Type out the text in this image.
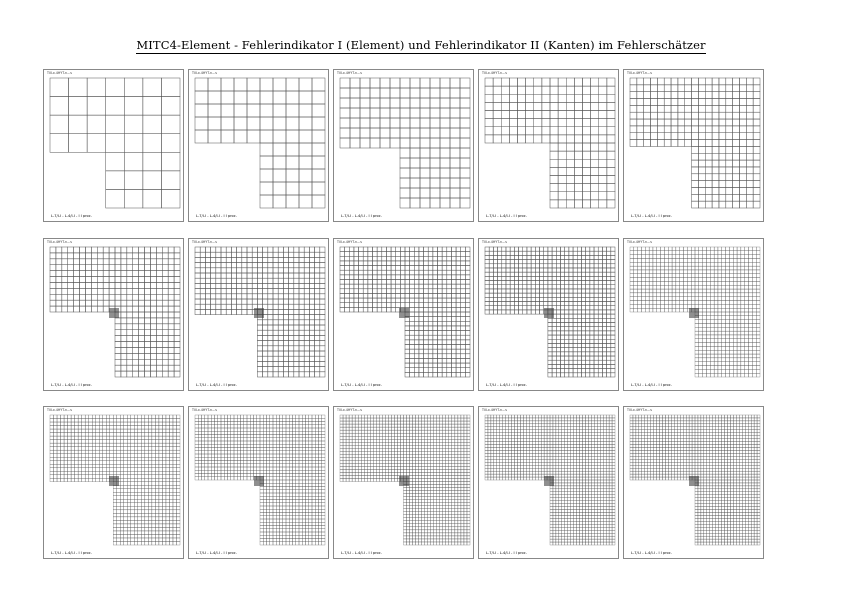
MITC4-Element - Fehlerindikator I (Element) und Fehlerindikator II (Kanten) im Fehlerschätzer
TIII-x.4HYT-n.-.s
L-7/I-I - L-4/I-I - I I proc.
TIII-x.4HYT-n.-.s
L-7/I-I - L-4/I-I - I I proc.
TIII-x.4HYT-n.-.s
L-7/I-I - L-4/I-I - I I proc.
TIII-x.4HYT-n.-.s
L-7/I-I - L-4/I-I - I I proc.
TIII-x.4HYT-n.-.s
L-7/I-I - L-4/I-I - I I proc.
TIII-x.4HYT-n.-.s
L-7/I-I - L-4/I-I - I I proc.
TIII-x.4HYT-n.-.s
L-7/I-I - L-4/I-I - I I proc.
TIII-x.4HYT-n.-.s
L-7/I-I - L-4/I-I - I I proc.
TIII-x.4HYT-n.-.s
L-7/I-I - L-4/I-I - I I proc.
TIII-x.4HYT-n.-.s
L-7/I-I - L-4/I-I - I I proc.
TIII-x.4HYT-n.-.s
L-7/I-I - L-4/I-I - I I proc.
TIII-x.4HYT-n.-.s
L-7/I-I - L-4/I-I - I I proc.
TIII-x.4HYT-n.-.s
L-7/I-I - L-4/I-I - I I proc.
TIII-x.4HYT-n.-.s
L-7/I-I - L-4/I-I - I I proc.
TIII-x.4HYT-n.-.s
L-7/I-I - L-4/I-I - I I proc.
